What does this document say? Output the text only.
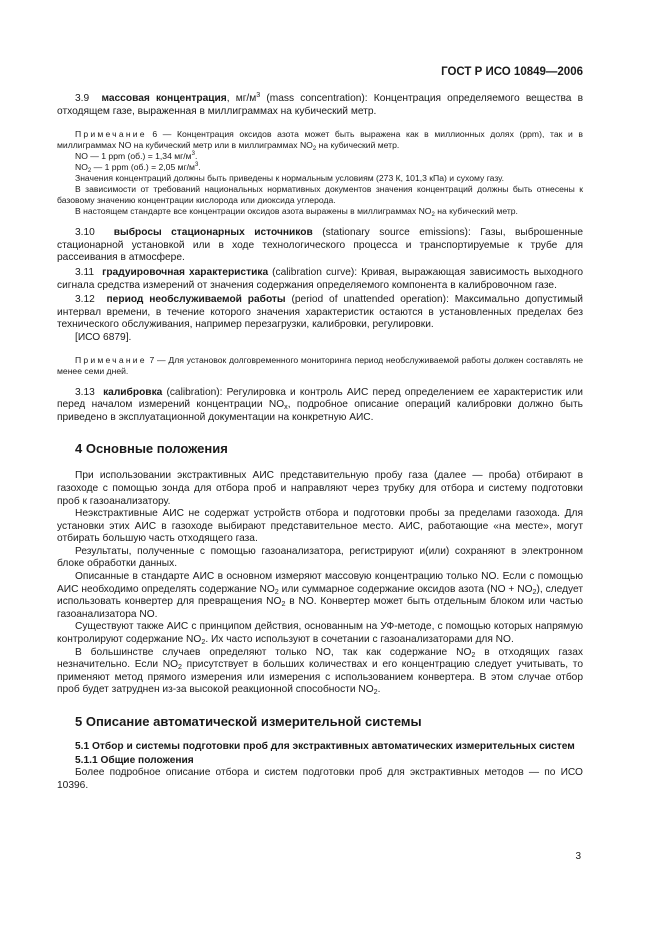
ГОСТ Р ИСО 10849—2006

3.9 массовая концентрация, $мг/м^3$ (mass concentration): Концентрация определяемого вещества в отходящем газе, выраженная в миллиграммах на кубический метр.

Примечание 6 — Концентрация оксидов азота может быть выражена как в миллионных долях (ppm), так и в миллиграммах NO на кубический метр или в миллиграммах $NO_2$ на кубический метр.

NO — 1 ppm (об.) = 1,34 $мг/м^3$.

$NO_2$ — 1 ppm (об.) = 2,05 $мг/м^3$.

Значения концентраций должны быть приведены к нормальным условиям (273 К, 101,3 кПа) и сухому газу.

В зависимости от требований национальных нормативных документов значения концентраций должны быть отнесены к базовому значению концентрации кислорода или диоксида углерода.

В настоящем стандарте все концентрации оксидов азота выражены в миллиграммах $NO_2$ на кубический метр.

3.10 выбросы стационарных источников (stationary source emissions): Газы, выброшенные стационарной установкой или в ходе технологического процесса и транспортируемые к трубе для рассеивания в атмосфере.

3.11 градуировочная характеристика (calibration curve): Кривая, выражающая зависимость выходного сигнала средства измерений от значения содержания определяемого компонента в калибровочном газе.

3.12 период необслуживаемой работы (period of unattended operation): Максимально допустимый интервал времени, в течение которого значения характеристик остаются в установленных пределах без технического обслуживания, например перезагрузки, калибровки, регулировки.

[ИСО 6879].

Примечание 7 — Для установок долговременного мониторинга период необслуживаемой работы должен составлять не менее семи дней.

3.13 калибровка (calibration): Регулировка и контроль АИС перед определением ее характеристик или перед началом измерений концентрации $NO_x$, подробное описание операций калибровки должно быть приведено в эксплуатационной документации на конкретную АИС.

4 Основные положения

При использовании экстрактивных АИС представительную пробу газа (далее — проба) отбирают в газоходе с помощью зонда для отбора проб и направляют через трубку для отбора и систему подготовки проб к газоанализатору.

Неэкстрактивные АИС не содержат устройств отбора и подготовки пробы за пределами газохода. Для установки этих АИС в газоходе выбирают представительное место. АИС, работающие «на месте», могут отбирать большую часть отходящего газа.

Результаты, полученные с помощью газоанализатора, регистрируют и(или) сохраняют в электронном блоке обработки данных.

Описанные в стандарте АИС в основном измеряют массовую концентрацию только NO. Если с помощью АИС необходимо определять содержание $NO_2$ или суммарное содержание оксидов азота $(NO + NO_2)$, следует использовать конвертер для превращения $NO_2$ в NO. Конвертер может быть отдельным блоком или частью газоанализатора NO.

Существуют также АИС с принципом действия, основанным на УФ-методе, с помощью которых напрямую контролируют содержание $NO_2$. Их часто используют в сочетании с газоанализаторами для NO.

В большинстве случаев определяют только NO, так как содержание $NO_2$ в отходящих газах незначительно. Если $NO_2$ присутствует в больших количествах и его концентрацию следует учитывать, то применяют метод прямого измерения или измерения с использованием конвертера. В этом случае отбор проб будет затруднен из-за высокой реакционной способности $NO_2$.

5 Описание автоматической измерительной системы
5.1 Отбор и системы подготовки проб для экстрактивных автоматических измерительных систем
5.1.1 Общие положения

Более подробное описание отбора и систем подготовки проб для экстрактивных методов — по ИСО 10396.

3
